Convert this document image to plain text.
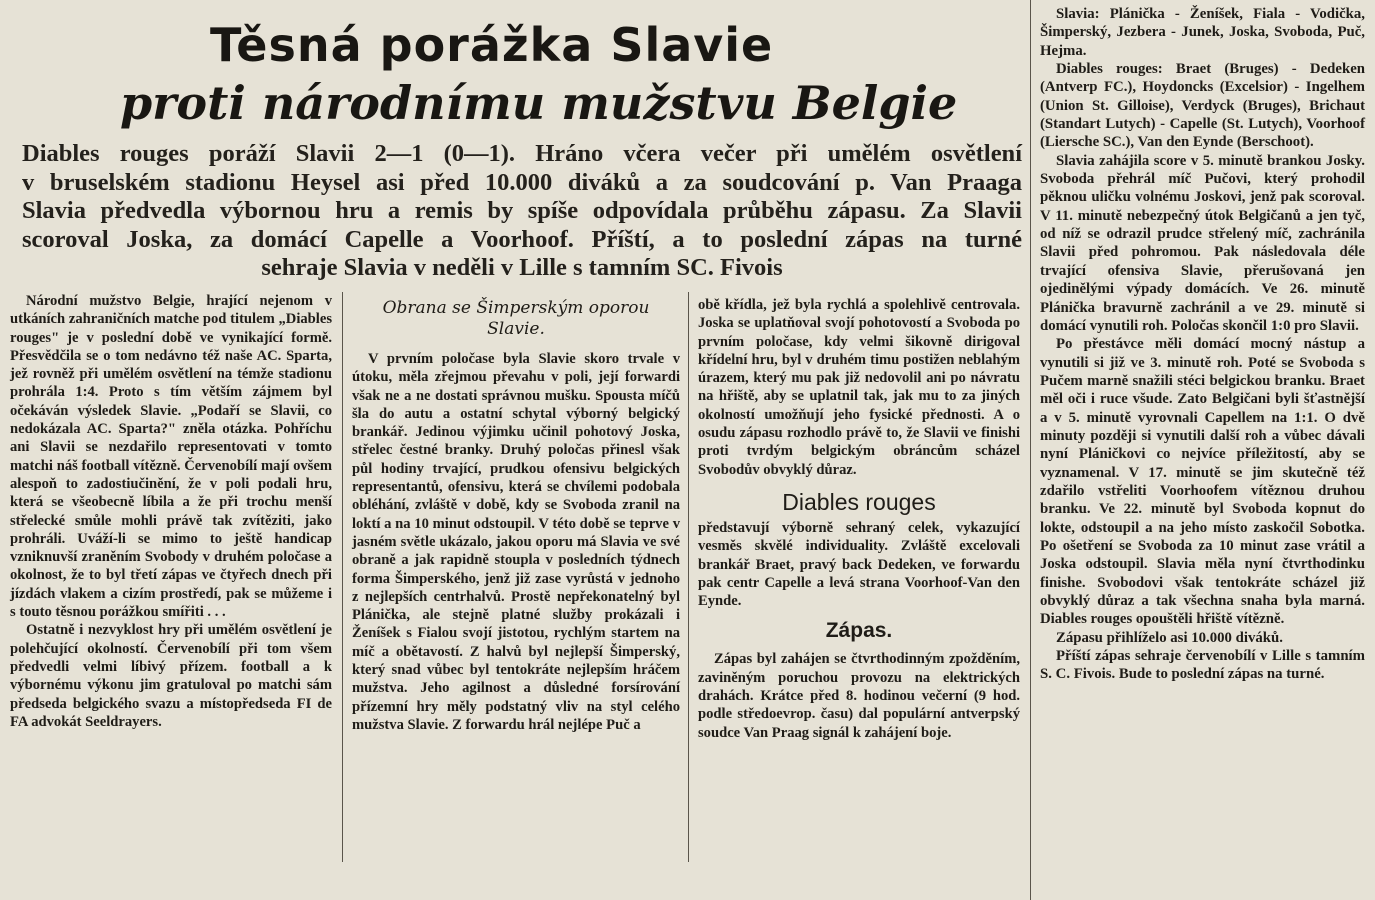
Těsná porážka Slavie
proti národnímu mužstvu Belgie
Diables rouges poráží Slavii 2—1 (0—1). Hráno včera večer při umělém osvětlení
v bruselském stadionu Heysel asi před 10.000 diváků a za soudcování p. Van Praaga
Slavia předvedla výbornou hru a remis by spíše odpovídala průběhu zápasu. Za Slavii
scoroval Joska, za domácí Capelle a Voorhoof. Příští, a to poslední zápas na turné
sehraje Slavia v neděli v Lille s tamním SC. Fivois

Národní mužstvo Belgie, hrající nejenom v utkáních zahraničních matche pod titulem „Diables rouges" je v poslední době ve vynikající formě. Přesvědčila se o tom nedávno též naše AC. Sparta, jež rovněž při umělém osvětlení na témže stadionu prohrála 1:4. Proto s tím větším zájmem byl očekáván výsledek Slavie. „Podaří se Slavii, co nedokázala AC. Sparta?" zněla otázka. Pohříchu ani Slavii se nezdařilo representovati v tomto matchi náš football vítězně. Červenobílí mají ovšem alespoň to zadostiučinění, že v poli podali hru, která se všeobecně líbila a že při trochu menší střelecké smůle mohli právě tak zvítěziti, jako prohráli. Uváží-li se mimo to ještě handicap vzniknuvší zraněním Svobody v druhém poločase a okolnost, že to byl třetí zápas ve čtyřech dnech při jízdách vlakem a cizím prostředí, pak se můžeme i s touto těsnou porážkou smířiti . . .

Ostatně i nezvyklost hry při umělém osvětlení je polehčující okolností. Červenobílí při tom všem předvedli velmi líbivý přízem. football a k výbornému výkonu jim gratuloval po matchi sám předseda belgického svazu a místopředseda FI de FA advokát Seeldrayers.

Obrana se Šimperským oporou Slavie.

V prvním poločase byla Slavie skoro trvale v útoku, měla zřejmou převahu v poli, její forwardi však ne a ne dostati správnou mušku. Spousta míčů šla do autu a ostatní schytal výborný belgický brankář. Jedinou výjimku učinil pohotový Joska, střelec čestné branky. Druhý poločas přinesl však půl hodiny trvající, prudkou ofensivu belgických representantů, ofensivu, která se chvílemi podobala obléhání, zvláště v době, kdy se Svoboda zranil na loktí a na 10 minut odstoupil. V této době se teprve v jasném světle ukázalo, jakou oporu má Slavia ve své obraně a jak rapidně stoupla v posledních týdnech forma Šimperského, jenž již zase vyrůstá v jednoho z nejlepších centrhalvů. Prostě nepřekonatelný byl Plánička, ale stejně platné služby prokázali i Ženíšek s Fialou svojí jistotou, rychlým startem na míč a obětavostí. Z halvů byl nejlepší Šimperský, který snad vůbec byl tentokráte nejlepším hráčem mužstva. Jeho agilnost a důsledné forsírování přízemní hry měly podstatný vliv na styl celého mužstva Slavie. Z forwardu hrál nejlépe Puč a

obě křídla, jež byla rychlá a spolehlivě centrovala. Joska se uplatňoval svojí pohotovostí a Svoboda po prvním poločase, kdy velmi šikovně dirigoval křídelní hru, byl v druhém timu postižen neblahým úrazem, který mu pak již nedovolil ani po návratu na hřiště, aby se uplatnil tak, jak mu to za jiných okolností umožňují jeho fysické přednosti. A o osudu zápasu rozhodlo právě to, že Slavii ve finishi proti tvrdým belgickým obráncům scházel Svobodův obvyklý důraz.

Diables rouges

představují výborně sehraný celek, vykazující vesměs skvělé individuality. Zvláště excelovali brankář Braet, pravý back Dedeken, ve forwardu pak centr Capelle a levá strana Voorhoof-Van den Eynde.

Zápas.

Zápas byl zahájen se čtvrthodinným zpožděním, zaviněným poruchou provozu na elektrických drahách. Krátce před 8. hodinou večerní (9 hod. podle středoevrop. času) dal populární antverpský soudce Van Praag signál k zahájení boje.

Slavia: Plánička - Ženíšek, Fiala - Vodička, Šimperský, Jezbera - Junek, Joska, Svoboda, Puč, Hejma.

Diables rouges: Braet (Bruges) - Dedeken (Antverp FC.), Hoydoncks (Excelsior) - Ingelhem (Union St. Gilloise), Verdyck (Bruges), Brichaut (Standart Lutych) - Capelle (St. Lutych), Voorhoof (Liersche SC.), Van den Eynde (Berschoot).

Slavia zahájila score v 5. minutě brankou Josky. Svoboda přehrál míč Pučovi, který prohodil pěknou uličku volnému Joskovi, jenž pak scoroval. V 11. minutě nebezpečný útok Belgičanů a jen tyč, od níž se odrazil prudce střelený míč, zachránila Slavii před pohromou. Pak následovala déle trvající ofensiva Slavie, přerušovaná jen ojedinělými výpady domácích. Ve 26. minutě Plánička bravurně zachránil a ve 29. minutě si domácí vynutili roh. Poločas skončil 1:0 pro Slavii.

Po přestávce měli domácí mocný nástup a vynutili si již ve 3. minutě roh. Poté se Svoboda s Pučem marně snažili stéci belgickou branku. Braet měl oči i ruce všude. Zato Belgičani byli šťastnější a v 5. minutě vyrovnali Capellem na 1:1. O dvě minuty později si vynutili další roh a vůbec dávali nyní Pláničkovi co nejvíce příležitostí, aby se vyznamenal. V 17. minutě se jim skutečně též zdařilo vstřeliti Voorhoofem vítěznou druhou branku. Ve 22. minutě byl Svoboda kopnut do lokte, odstoupil a na jeho místo zaskočil Sobotka. Po ošetření se Svoboda za 10 minut zase vrátil a Joska odstoupil. Slavia měla nyní čtvrthodinku finishe. Svobodovi však tentokráte scházel již obvyklý důraz a tak všechna snaha byla marná. Diables rouges opouštěli hřiště vítězně.

Zápasu přihlíželo asi 10.000 diváků.

Příští zápas sehraje červenobílí v Lille s tamním S. C. Fivois. Bude to poslední zápas na turné.
